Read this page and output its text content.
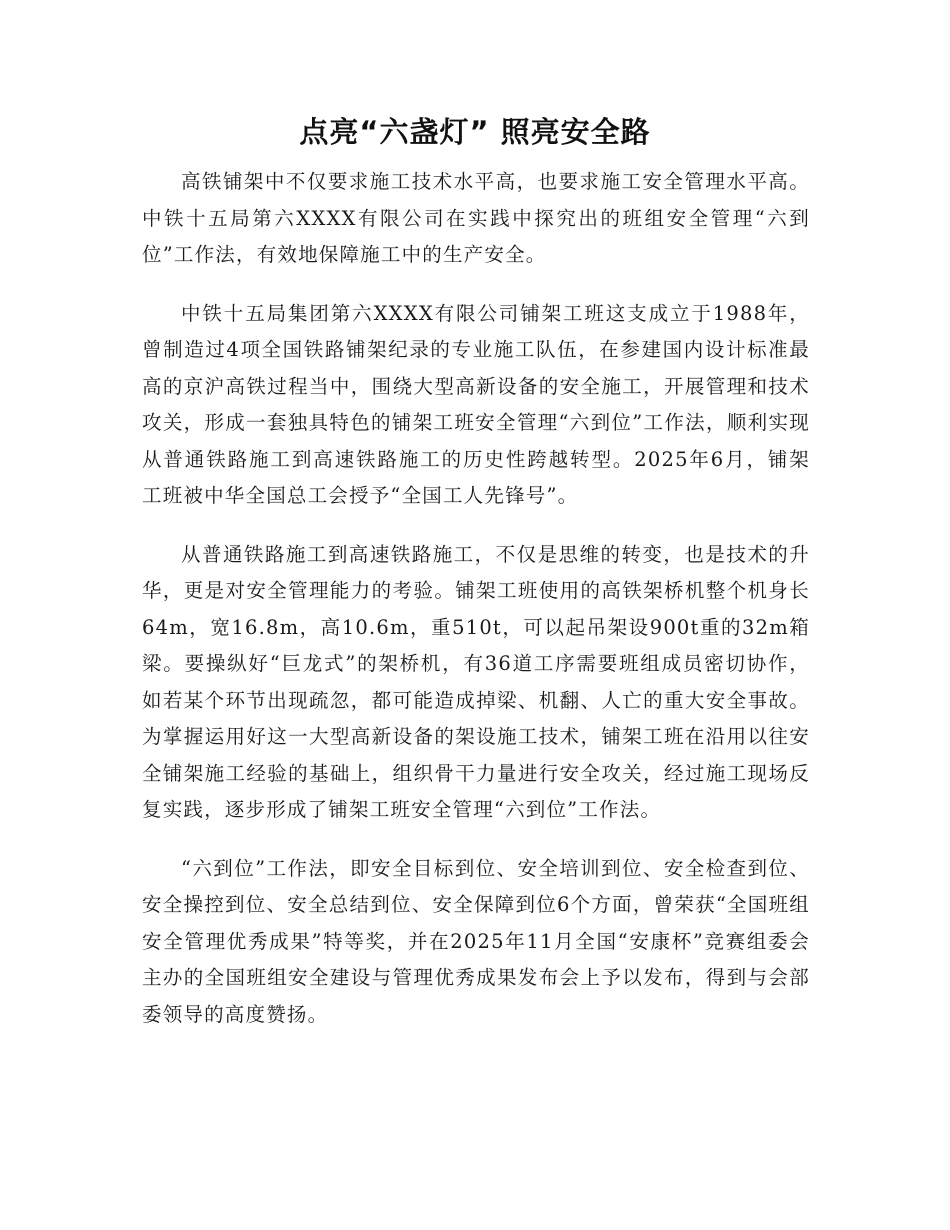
点亮“六盏灯” 照亮安全路

高铁铺架中不仅要求施工技术水平高，也要求施工安全管理水平高。中铁十五局第六XXXX有限公司在实践中探究出的班组安全管理“六到位”工作法，有效地保障施工中的生产安全。

中铁十五局集团第六XXXX有限公司铺架工班这支成立于1988年，曾制造过4项全国铁路铺架纪录的专业施工队伍，在参建国内设计标准最高的京沪高铁过程当中，围绕大型高新设备的安全施工，开展管理和技术攻关，形成一套独具特色的铺架工班安全管理“六到位”工作法，顺利实现从普通铁路施工到高速铁路施工的历史性跨越转型。2025年6月，铺架工班被中华全国总工会授予“全国工人先锋号”。

从普通铁路施工到高速铁路施工，不仅是思维的转变，也是技术的升华，更是对安全管理能力的考验。铺架工班使用的高铁架桥机整个机身长64m，宽16.8m，高10.6m，重510t，可以起吊架设900t重的32m箱梁。要操纵好“巨龙式”的架桥机，有36道工序需要班组成员密切协作，如若某个环节出现疏忽，都可能造成掉梁、机翻、人亡的重大安全事故。为掌握运用好这一大型高新设备的架设施工技术，铺架工班在沿用以往安全铺架施工经验的基础上，组织骨干力量进行安全攻关，经过施工现场反复实践，逐步形成了铺架工班安全管理“六到位”工作法。

“六到位”工作法，即安全目标到位、安全培训到位、安全检查到位、安全操控到位、安全总结到位、安全保障到位6个方面，曾荣获“全国班组安全管理优秀成果”特等奖，并在2025年11月全国“安康杯”竞赛组委会主办的全国班组安全建设与管理优秀成果发布会上予以发布，得到与会部委领导的高度赞扬。
